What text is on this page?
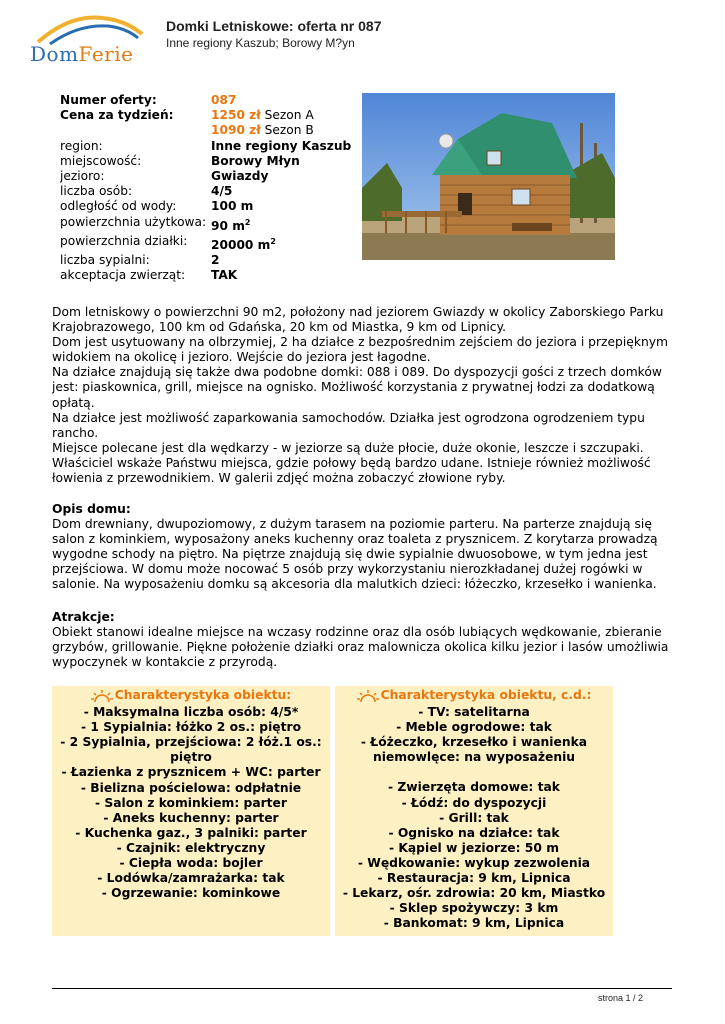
DomFerie
Domki Letniskowe: oferta nr 087
Inne regiony Kaszub; Borowy M?yn
Numer oferty:	087
Cena za tydzień:	1250 zł Sezon A
	1090 zł Sezon B
region:	Inne regiony Kaszub
miejscowość:	Borowy Młyn
jezioro:	Gwiazdy
liczba osób:	4/5
odległość od wody:	100 m
powierzchnia użytkowa:	90 $m^2$
powierzchnia działki:	20000 $m^2$
liczba sypialni:	2
akceptacja zwierząt:	TAK

Dom letniskowy o powierzchni 90 m2, położony nad jeziorem Gwiazdy w okolicy Zaborskiego Parku Krajobrazowego, 100 km od Gdańska, 20 km od Miastka, 9 km od Lipnicy.

Dom jest usytuowany na olbrzymiej, 2 ha działce z bezpośrednim zejściem do jeziora i przepięknym widokiem na okolicę i jezioro. Wejście do jeziora jest łagodne.

Na działce znajdują się także dwa podobne domki: 088 i 089. Do dyspozycji gości z trzech domków jest: piaskownica, grill, miejsce na ognisko. Możliwość korzystania z prywatnej łodzi za dodatkową opłatą.

Na działce jest możliwość zaparkowania samochodów. Działka jest ogrodzona ogrodzeniem typu rancho.

Miejsce polecane jest dla wędkarzy - w jeziorze są duże płocie, duże okonie, leszcze i szczupaki. Właściciel wskaże Państwu miejsca, gdzie połowy będą bardzo udane. Istnieje również możliwość łowienia z przewodnikiem. W galerii zdjęć można zobaczyć złowione ryby.

Opis domu:

Dom drewniany, dwupoziomowy, z dużym tarasem na poziomie parteru. Na parterze znajdują się salon z kominkiem, wyposażony aneks kuchenny oraz toaleta z prysznicem. Z korytarza prowadzą wygodne schody na piętro. Na piętrze znajdują się dwie sypialnie dwuosobowe, w tym jedna jest przejściowa. W domu może nocować 5 osób przy wykorzystaniu nierozkładanej dużej rogówki w salonie. Na wyposażeniu domku są akcesoria dla malutkich dzieci: łóżeczko, krzesełko i wanienka.

Atrakcje:

Obiekt stanowi idealne miejsce na wczasy rodzinne oraz dla osób lubiących wędkowanie, zbieranie grzybów, grillowanie. Piękne położenie działki oraz malownicza okolica kilku jezior i lasów umożliwia wypoczynek w kontakcie z przyrodą.

Charakterystyka obiektu:
- Maksymalna liczba osób: 4/5*
- 1 Sypialnia: łóżko 2 os.: piętro
- 2 Sypialnia, przejściowa: 2 łóż.1 os.: piętro
- Łazienka z prysznicem + WC: parter
- Bielizna pościelowa: odpłatnie
- Salon z kominkiem: parter
- Aneks kuchenny: parter
- Kuchenka gaz., 3 palniki: parter
- Czajnik: elektryczny
- Ciepła woda: bojler
- Lodówka/zamrażarka: tak
- Ogrzewanie: kominkowe
Charakterystyka obiektu, c.d.:
- TV: satelitarna
- Meble ogrodowe: tak
- Łóżeczko, krzesełko i wanienka niemowlęce: na wyposażeniu
- Zwierzęta domowe: tak
- Łódź: do dyspozycji
- Grill: tak
- Ognisko na działce: tak
- Kąpiel w jeziorze: 50 m
- Wędkowanie: wykup zezwolenia
- Restauracja: 9 km, Lipnica
- Lekarz, ośr. zdrowia: 20 km, Miastko
- Sklep spożywczy: 3 km
- Bankomat: 9 km, Lipnica
strona 1 / 2
